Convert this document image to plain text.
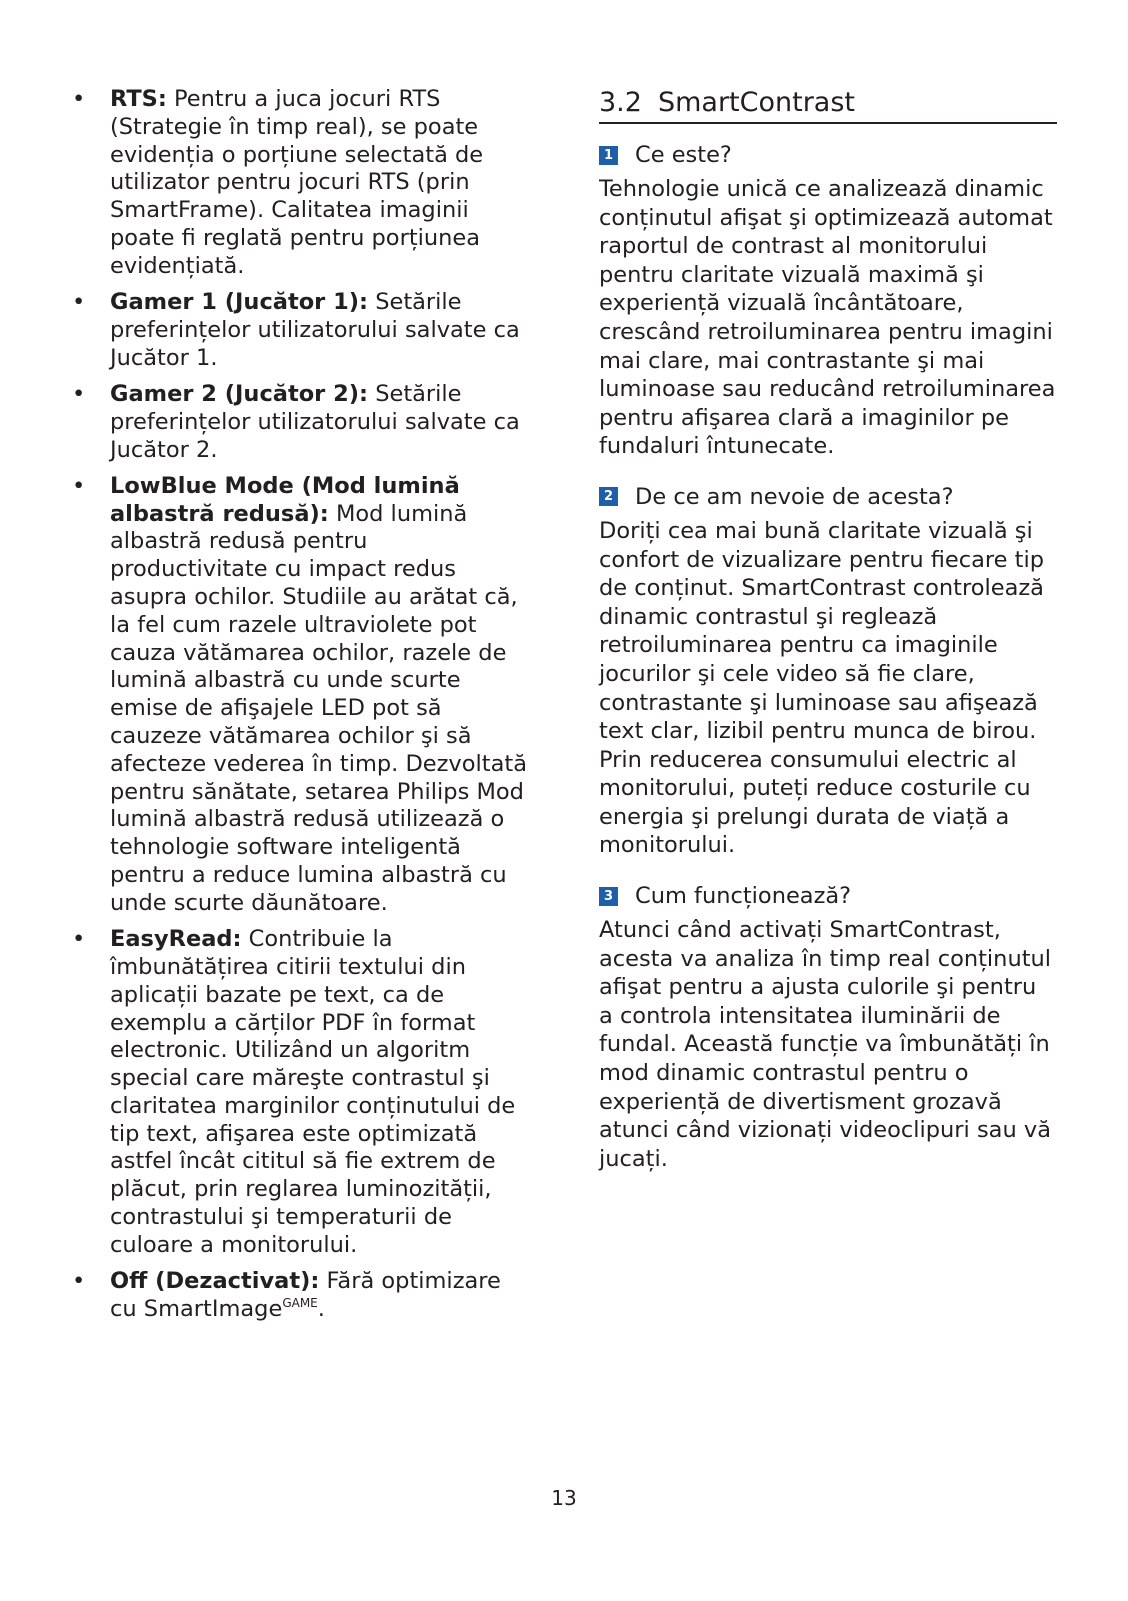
• RTS: Pentru a juca jocuri RTS (Strategie în timp real), se poate evidenția o porțiune selectată de utilizator pentru jocuri RTS (prin SmartFrame). Calitatea imaginii poate fi reglată pentru porțiunea evidențiată.
• Gamer 1 (Jucător 1): Setările preferințelor utilizatorului salvate ca Jucător 1.
• Gamer 2 (Jucător 2): Setările preferințelor utilizatorului salvate ca Jucător 2.
• LowBlue Mode (Mod lumină albastră redusă): Mod lumină albastră redusă pentru productivitate cu impact redus asupra ochilor. Studiile au arătat că, la fel cum razele ultraviolete pot cauza vătămarea ochilor, razele de lumină albastră cu unde scurte emise de afişajele LED pot să cauzeze vătămarea ochilor şi să afecteze vederea în timp. Dezvoltată pentru sănătate, setarea Philips Mod lumină albastră redusă utilizează o tehnologie software inteligentă pentru a reduce lumina albastră cu unde scurte dăunătoare.
• EasyRead: Contribuie la îmbunătățirea citirii textului din aplicații bazate pe text, ca de exemplu a cărților PDF în format electronic. Utilizând un algoritm special care măreşte contrastul şi claritatea marginilor conținutului de tip text, afişarea este optimizată astfel încât cititul să fie extrem de plăcut, prin reglarea luminozității, contrastului şi temperaturii de culoare a monitorului.
• Off (Dezactivat): Fără optimizare cu SmartImage$^{GAME}$.
3.2 SmartContrast
1 Ce este?

Tehnologie unică ce analizează dinamic conținutul afişat şi optimizează automat raportul de contrast al monitorului pentru claritate vizuală maximă şi experiență vizuală încântătoare, crescând retroiluminarea pentru imagini mai clare, mai contrastante şi mai luminoase sau reducând retroiluminarea pentru afişarea clară a imaginilor pe fundaluri întunecate.

2 De ce am nevoie de acesta?

Doriți cea mai bună claritate vizuală şi confort de vizualizare pentru fiecare tip de conținut. SmartContrast controlează dinamic contrastul şi reglează retroiluminarea pentru ca imaginile jocurilor şi cele video să fie clare, contrastante şi luminoase sau afişează text clar, lizibil pentru munca de birou. Prin reducerea consumului electric al monitorului, puteți reduce costurile cu energia şi prelungi durata de viață a monitorului.

3 Cum funcționează?

Atunci când activați SmartContrast, acesta va analiza în timp real conținutul afişat pentru a ajusta culorile şi pentru a controla intensitatea iluminării de fundal. Această funcție va îmbunătăți în mod dinamic contrastul pentru o experiență de divertisment grozavă atunci când vizionați videoclipuri sau vă jucați.

13
